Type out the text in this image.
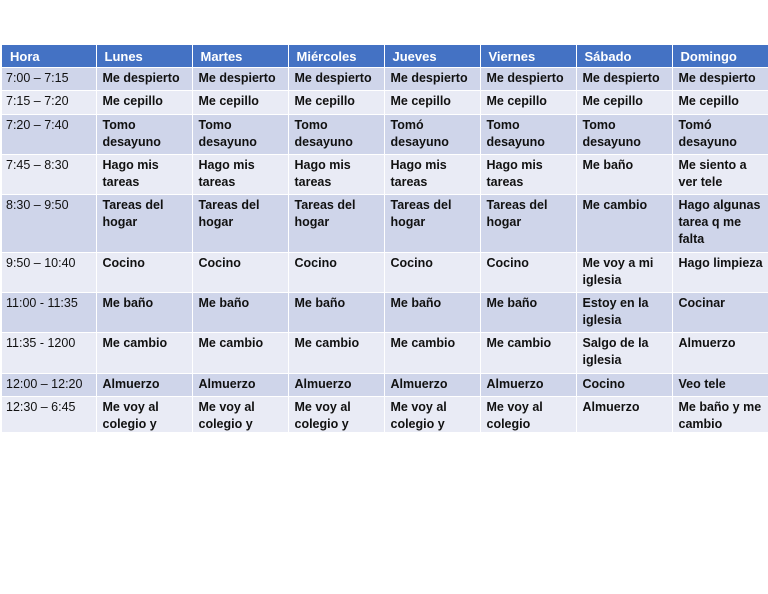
Hora	Lunes	Martes	Miércoles	Jueves	Viernes	Sábado	Domingo
7:00 – 7:15	Me despierto	Me despierto	Me despierto	Me despierto	Me despierto	Me despierto	Me despierto
7:15 – 7:20	Me cepillo	Me cepillo	Me cepillo	Me cepillo	Me cepillo	Me cepillo	Me cepillo
7:20 – 7:40	Tomo desayuno	Tomo desayuno	Tomo desayuno	Tomó desayuno	Tomo desayuno	Tomo desayuno	Tomó desayuno
7:45 – 8:30	Hago mis tareas	Hago mis tareas	Hago mis tareas	Hago mis tareas	Hago mis tareas	Me baño	Me siento a ver tele
8:30 – 9:50	Tareas del hogar	Tareas del hogar	Tareas del hogar	Tareas del hogar	Tareas del hogar	Me cambio	Hago algunas tarea q me falta
9:50 – 10:40	Cocino	Cocino	Cocino	Cocino	Cocino	Me voy a mi iglesia	Hago limpieza
11:00 - 11:35	Me baño	Me baño	Me baño	Me baño	Me baño	Estoy en la iglesia	Cocinar
11:35 - 1200	Me cambio	Me cambio	Me cambio	Me cambio	Me cambio	Salgo de la iglesia	Almuerzo
12:00 – 12:20	Almuerzo	Almuerzo	Almuerzo	Almuerzo	Almuerzo	Cocino	Veo tele
12:30 – 6:45	Me voy al colegio y	Me voy al colegio y	Me voy al colegio y	Me voy al colegio y	Me voy al colegio	Almuerzo	Me baño y me cambio
